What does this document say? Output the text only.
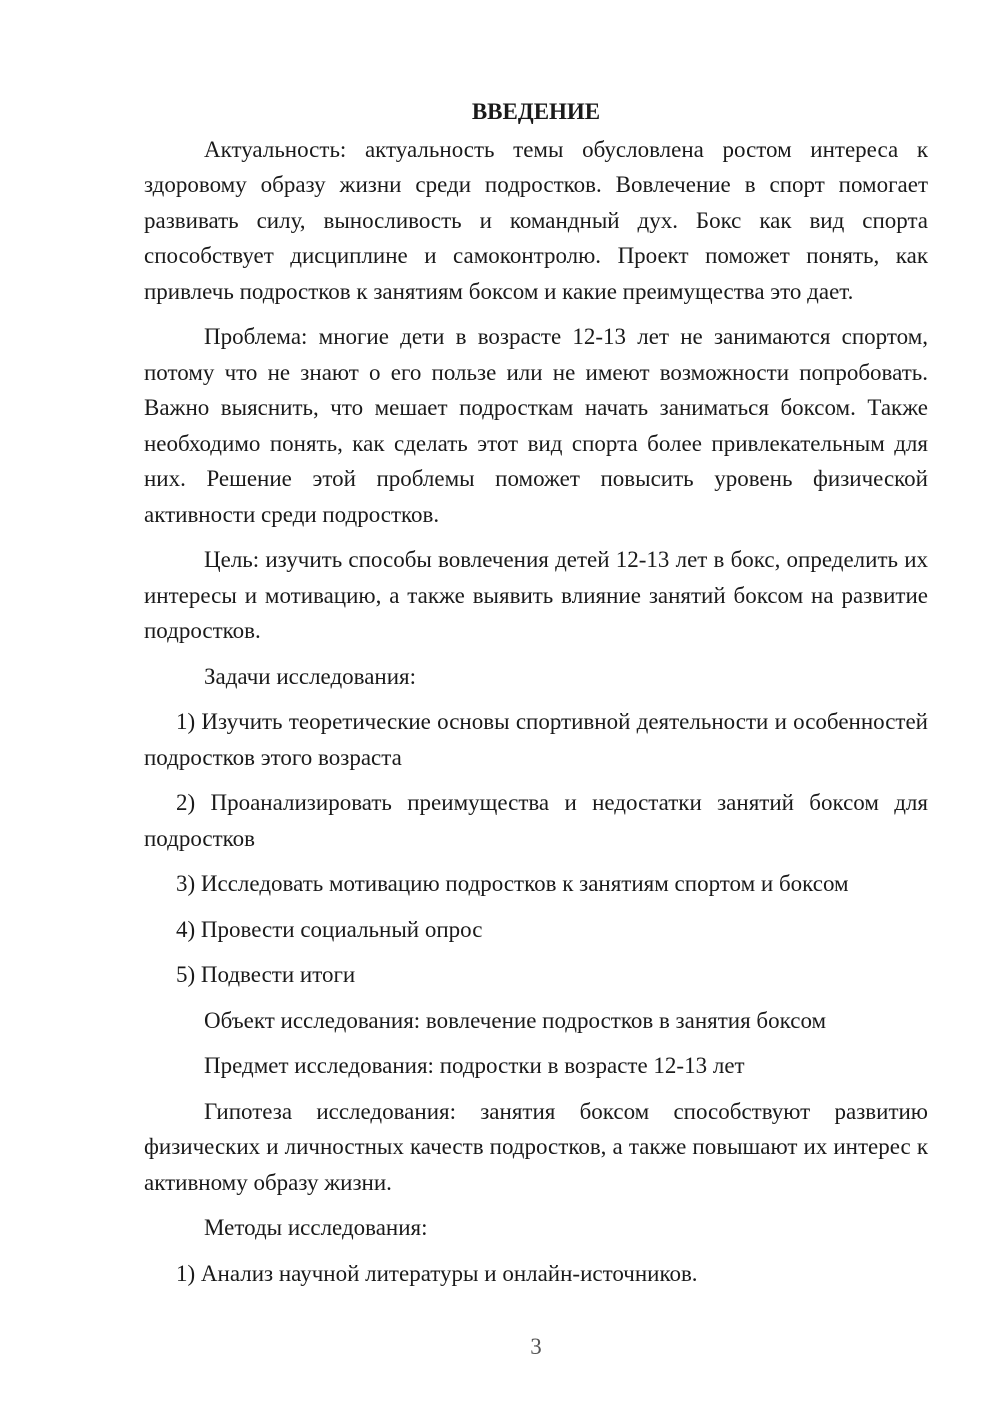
ВВЕДЕНИЕ

Актуальность: актуальность темы обусловлена ростом интереса к здоровому образу жизни среди подростков. Вовлечение в спорт помогает развивать силу, выносливость и командный дух. Бокс как вид спорта способствует дисциплине и самоконтролю. Проект поможет понять, как привлечь подростков к занятиям боксом и какие преимущества это дает.

Проблема: многие дети в возрасте 12-13 лет не занимаются спортом, потому что не знают о его пользе или не имеют возможности попробовать. Важно выяснить, что мешает подросткам начать заниматься боксом. Также необходимо понять, как сделать этот вид спорта более привлекательным для них. Решение этой проблемы поможет повысить уровень физической активности среди подростков.

Цель: изучить способы вовлечения детей 12-13 лет в бокс, определить их интересы и мотивацию, а также выявить влияние занятий боксом на развитие подростков.

Задачи исследования:

1) Изучить теоретические основы спортивной деятельности и особенностей подростков этого возраста

2) Проанализировать преимущества и недостатки занятий боксом для подростков

3) Исследовать мотивацию подростков к занятиям спортом и боксом

4) Провести социальный опрос

5) Подвести итоги

Объект исследования: вовлечение подростков в занятия боксом

Предмет исследования: подростки в возрасте 12-13 лет

Гипотеза исследования: занятия боксом способствуют развитию физических и личностных качеств подростков, а также повышают их интерес к активному образу жизни.

Методы исследования:

1) Анализ научной литературы и онлайн-источников.

3
